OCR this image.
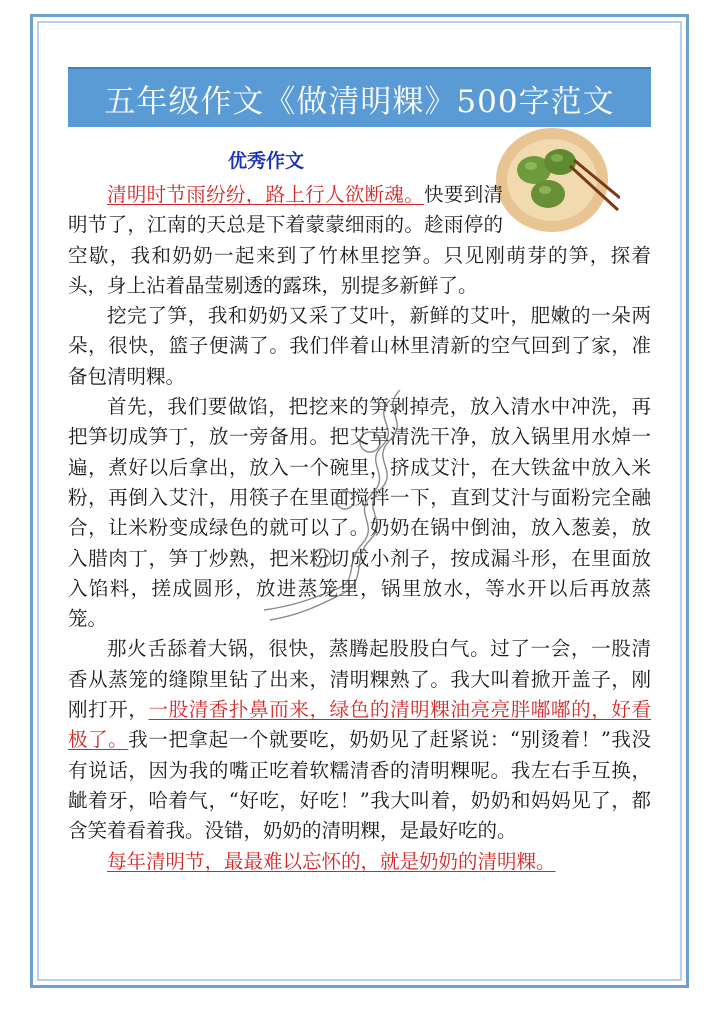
五年级作文《做清明粿》500字范文
优秀作文

清明时节雨纷纷，路上行人欲断魂。快要到清明节了，江南的天总是下着蒙蒙细雨的。趁雨停的空歇，我和奶奶一起来到了竹林里挖笋。只见刚萌芽的笋，探着头，身上沾着晶莹剔透的露珠，别提多新鲜了。

挖完了笋，我和奶奶又采了艾叶，新鲜的艾叶，肥嫩的一朵两朵，很快，篮子便满了。我们伴着山林里清新的空气回到了家，准备包清明粿。

首先，我们要做馅，把挖来的笋剥掉壳，放入清水中冲洗，再把笋切成笋丁，放一旁备用。把艾草清洗干净，放入锅里用水焯一遍，煮好以后拿出，放入一个碗里，挤成艾汁，在大铁盆中放入米粉，再倒入艾汁，用筷子在里面搅拌一下，直到艾汁与面粉完全融合，让米粉变成绿色的就可以了。奶奶在锅中倒油，放入葱姜，放入腊肉丁，笋丁炒熟，把米粉切成小剂子，按成漏斗形，在里面放入馅料，搓成圆形，放进蒸笼里，锅里放水，等水开以后再放蒸笼。

那火舌舔着大锅，很快，蒸腾起股股白气。过了一会，一股清香从蒸笼的缝隙里钻了出来，清明粿熟了。我大叫着掀开盖子，刚刚打开，一股清香扑鼻而来，绿色的清明粿油亮亮胖嘟嘟的，好看极了。我一把拿起一个就要吃，奶奶见了赶紧说：“别烫着！”我没有说话，因为我的嘴正吃着软糯清香的清明粿呢。我左右手互换，龇着牙，哈着气，“好吃，好吃！”我大叫着，奶奶和妈妈见了，都含笑着看着我。没错，奶奶的清明粿，是最好吃的。

每年清明节，最最难以忘怀的，就是奶奶的清明粿。
